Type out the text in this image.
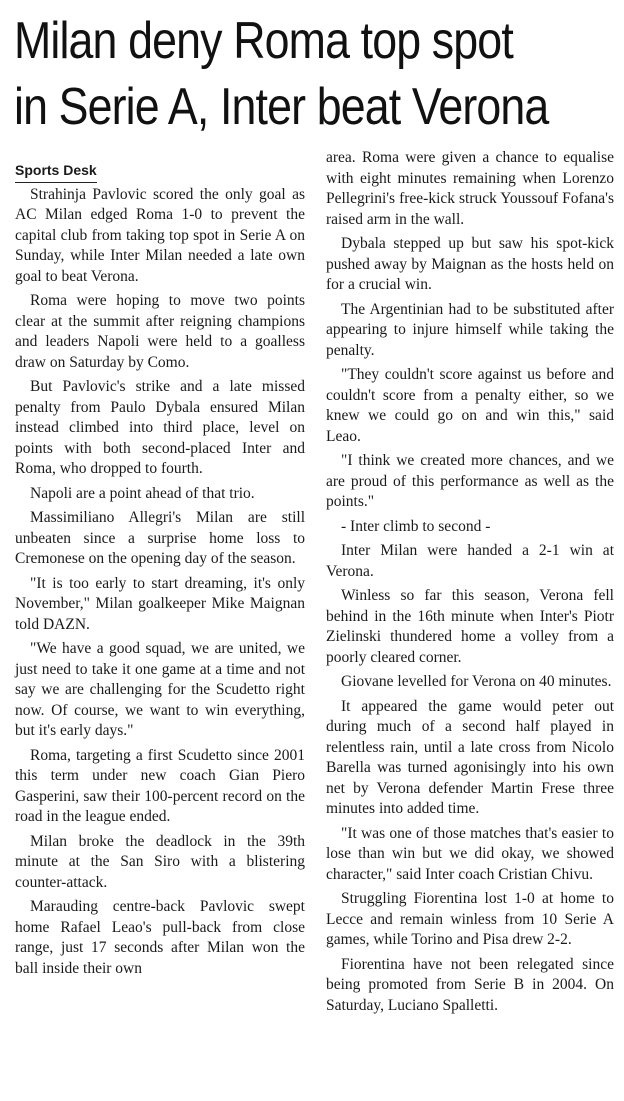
Milan deny Roma top spot
in Serie A, Inter beat Verona
Sports Desk

Strahinja Pavlovic scored the only goal as AC Milan edged Roma 1-0 to prevent the capital club from taking top spot in Serie A on Sunday, while Inter Milan needed a late own goal to beat Verona.

Roma were hoping to move two points clear at the summit after reigning champions and leaders Napoli were held to a goalless draw on Saturday by Como.

But Pavlovic's strike and a late missed penalty from Paulo Dybala ensured Milan instead climbed into third place, level on points with both second-placed Inter and Roma, who dropped to fourth.

Napoli are a point ahead of that trio.

Massimiliano Allegri's Milan are still unbeaten since a surprise home loss to Cremonese on the opening day of the season.

"It is too early to start dreaming, it's only November," Milan goalkeeper Mike Maignan told DAZN.

"We have a good squad, we are united, we just need to take it one game at a time and not say we are challenging for the Scudetto right now. Of course, we want to win everything, but it's early days."

Roma, targeting a first Scudetto since 2001 this term under new coach Gian Piero Gasperini, saw their 100-percent record on the road in the league ended.

Milan broke the deadlock in the 39th minute at the San Siro with a blistering counter-attack.

Marauding centre-back Pavlovic swept home Rafael Leao's pull-back from close range, just 17 seconds after Milan won the ball inside their own

area. Roma were given a chance to equalise with eight minutes remaining when Lorenzo Pellegrini's free-kick struck Youssouf Fofana's raised arm in the wall.

Dybala stepped up but saw his spot-kick pushed away by Maignan as the hosts held on for a crucial win.

The Argentinian had to be substituted after appearing to injure himself while taking the penalty.

"They couldn't score against us before and couldn't score from a penalty either, so we knew we could go on and win this," said Leao.

"I think we created more chances, and we are proud of this performance as well as the points."

- Inter climb to second -

Inter Milan were handed a 2-1 win at Verona.

Winless so far this season, Verona fell behind in the 16th minute when Inter's Piotr Zielinski thundered home a volley from a poorly cleared corner.

Giovane levelled for Verona on 40 minutes.

It appeared the game would peter out during much of a second half played in relentless rain, until a late cross from Nicolo Barella was turned agonisingly into his own net by Verona defender Martin Frese three minutes into added time.

"It was one of those matches that's easier to lose than win but we did okay, we showed character," said Inter coach Cristian Chivu.

Struggling Fiorentina lost 1-0 at home to Lecce and remain winless from 10 Serie A games, while Torino and Pisa drew 2-2.

Fiorentina have not been relegated since being promoted from Serie B in 2004. On Saturday, Luciano Spalletti.
